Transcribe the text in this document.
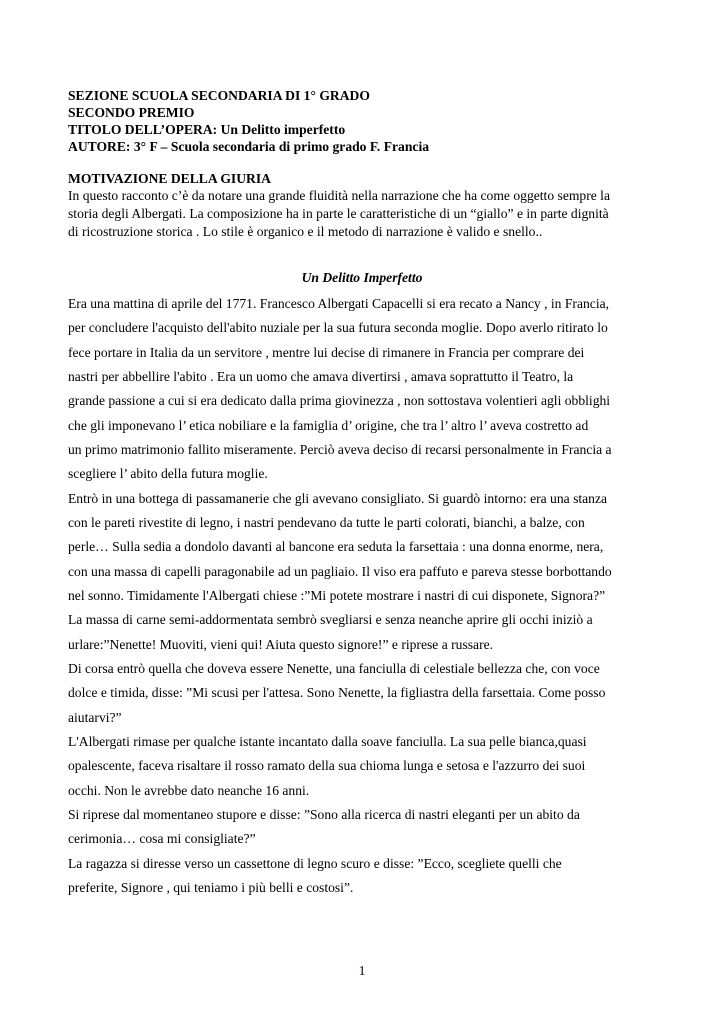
SEZIONE SCUOLA SECONDARIA DI 1° GRADO
SECONDO PREMIO
TITOLO DELL’OPERA: Un Delitto imperfetto
AUTORE: 3° F – Scuola secondaria di primo grado F. Francia
MOTIVAZIONE DELLA GIURIA
In questo racconto c’è da notare una grande fluidità nella narrazione che ha come oggetto sempre la
storia degli Albergati. La composizione ha in parte le caratteristiche di un “giallo” e in parte dignità
di ricostruzione storica . Lo stile è organico e il metodo di narrazione è valido e snello..
Un Delitto Imperfetto
Era una mattina di aprile del 1771. Francesco Albergati Capacelli si era recato a Nancy , in Francia,
per concludere l'acquisto dell'abito nuziale per la sua futura seconda moglie. Dopo averlo ritirato lo
fece portare in Italia da un servitore , mentre lui decise di rimanere in Francia per comprare dei
nastri per abbellire l'abito . Era un uomo che amava divertirsi , amava soprattutto il Teatro, la
grande passione a cui si era dedicato dalla prima giovinezza , non sottostava volentieri agli obblighi
che gli imponevano l’ etica nobiliare e la famiglia d’ origine, che tra l’ altro l’ aveva costretto ad
un primo matrimonio fallito miseramente. Perciò aveva deciso di recarsi personalmente in Francia a
scegliere l’ abito della futura moglie.
Entrò in una bottega di passamanerie che gli avevano consigliato. Si guardò intorno: era una stanza
con le pareti rivestite di legno, i nastri pendevano da tutte le parti colorati, bianchi, a balze, con
perle… Sulla sedia a dondolo davanti al bancone era seduta la farsettaia : una donna enorme, nera,
con una massa di capelli paragonabile ad un pagliaio. Il viso era paffuto e pareva stesse borbottando
nel sonno. Timidamente l'Albergati chiese :”Mi potete mostrare i nastri di cui disponete, Signora?”
La massa di carne semi-addormentata sembrò svegliarsi e senza neanche aprire gli occhi iniziò a
urlare:”Nenette! Muoviti, vieni qui! Aiuta questo signore!” e riprese a russare.
Di corsa entrò quella che doveva essere Nenette, una fanciulla di celestiale bellezza che, con voce
dolce e timida, disse: ”Mi scusi per l'attesa. Sono Nenette, la figliastra della farsettaia. Come posso
aiutarvi?”
L'Albergati rimase per qualche istante incantato dalla soave fanciulla. La sua pelle bianca,quasi
opalescente, faceva risaltare il rosso ramato della sua chioma lunga e setosa e l'azzurro dei suoi
occhi. Non le avrebbe dato neanche 16 anni.
Si riprese dal momentaneo stupore e disse: ”Sono alla ricerca di nastri eleganti per un abito da
cerimonia… cosa mi consigliate?”
La ragazza si diresse verso un cassettone di legno scuro e disse: ”Ecco, scegliete quelli che
preferite, Signore , qui teniamo i più belli e costosi”.
1
